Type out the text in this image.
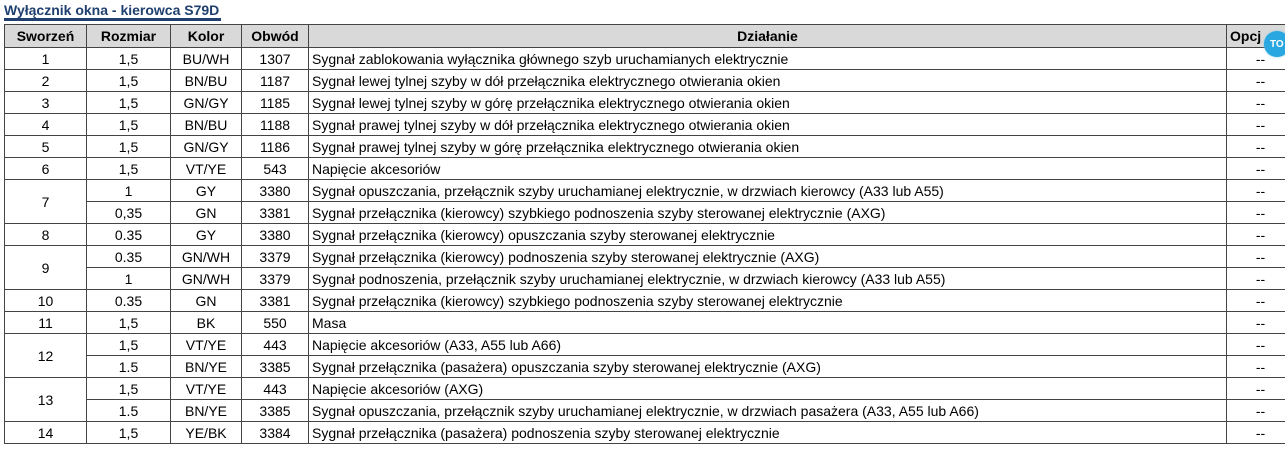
Wyłącznik okna - kierowca S79D
Sworzeń	Rozmiar	Kolor	Obwód	Działanie	Opcj
1	1,5	BU/WH	1307	Sygnał zablokowania wyłącznika głównego szyb uruchamianych elektrycznie	--
2	1,5	BN/BU	1187	Sygnał lewej tylnej szyby w dół przełącznika elektrycznego otwierania okien	--
3	1,5	GN/GY	1185	Sygnał lewej tylnej szyby w górę przełącznika elektrycznego otwierania okien	--
4	1,5	BN/BU	1188	Sygnał prawej tylnej szyby w dół przełącznika elektrycznego otwierania okien	--
5	1,5	GN/GY	1186	Sygnał prawej tylnej szyby w górę przełącznika elektrycznego otwierania okien	--
6	1,5	VT/YE	543	Napięcie akcesoriów	--
7	1	GY	3380	Sygnał opuszczania, przełącznik szyby uruchamianej elektrycznie, w drzwiach kierowcy (A33 lub A55)	--
	0,35	GN	3381	Sygnał przełącznika (kierowcy) szybkiego podnoszenia szyby sterowanej elektrycznie (AXG)	--
8	0.35	GY	3380	Sygnał przełącznika (kierowcy) opuszczania szyby sterowanej elektrycznie	--
9	0.35	GN/WH	3379	Sygnał przełącznika (kierowcy) podnoszenia szyby sterowanej elektrycznie (AXG)	--
	1	GN/WH	3379	Sygnał podnoszenia, przełącznik szyby uruchamianej elektrycznie, w drzwiach kierowcy (A33 lub A55)	--
10	0.35	GN	3381	Sygnał przełącznika (kierowcy) szybkiego podnoszenia szyby sterowanej elektrycznie	--
11	1,5	BK	550	Masa	--
12	1,5	VT/YE	443	Napięcie akcesoriów (A33, A55 lub A66)	--
	1.5	BN/YE	3385	Sygnał przełącznika (pasażera) opuszczania szyby sterowanej elektrycznie (AXG)	--
13	1,5	VT/YE	443	Napięcie akcesoriów (AXG)	--
	1.5	BN/YE	3385	Sygnał opuszczania, przełącznik szyby uruchamianej elektrycznie, w drzwiach pasażera (A33, A55 lub A66)	--
14	1,5	YE/BK	3384	Sygnał przełącznika (pasażera) podnoszenia szyby sterowanej elektrycznie	--
TO
